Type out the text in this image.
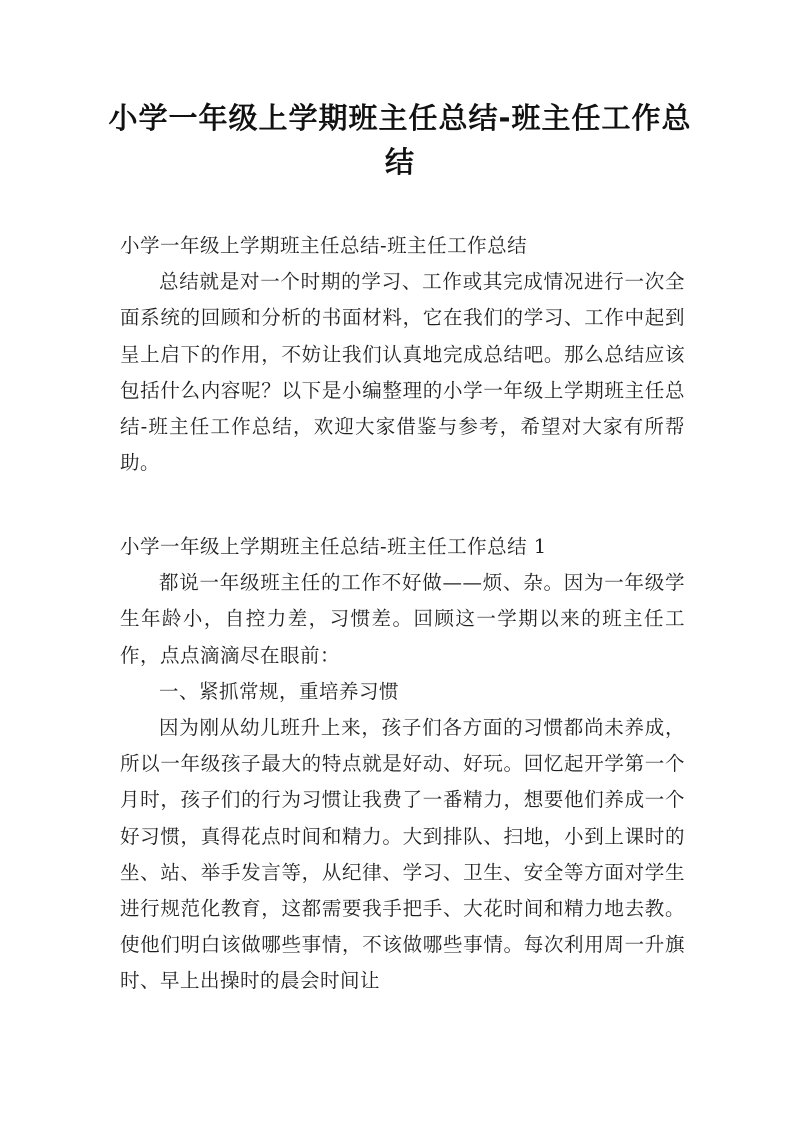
小学一年级上学期班主任总结-班主任工作总结

小学一年级上学期班主任总结-班主任工作总结

总结就是对一个时期的学习、工作或其完成情况进行一次全面系统的回顾和分析的书面材料，它在我们的学习、工作中起到呈上启下的作用，不妨让我们认真地完成总结吧。那么总结应该包括什么内容呢？以下是小编整理的小学一年级上学期班主任总结-班主任工作总结，欢迎大家借鉴与参考，希望对大家有所帮助。

小学一年级上学期班主任总结-班主任工作总结 1

都说一年级班主任的工作不好做——烦、杂。因为一年级学生年龄小，自控力差，习惯差。回顾这一学期以来的班主任工作，点点滴滴尽在眼前：

一、紧抓常规，重培养习惯

因为刚从幼儿班升上来，孩子们各方面的习惯都尚未养成，所以一年级孩子最大的特点就是好动、好玩。回忆起开学第一个月时，孩子们的行为习惯让我费了一番精力，想要他们养成一个好习惯，真得花点时间和精力。大到排队、扫地，小到上课时的坐、站、举手发言等，从纪律、学习、卫生、安全等方面对学生进行规范化教育，这都需要我手把手、大花时间和精力地去教。使他们明白该做哪些事情，不该做哪些事情。每次利用周一升旗时、早上出操时的晨会时间让
